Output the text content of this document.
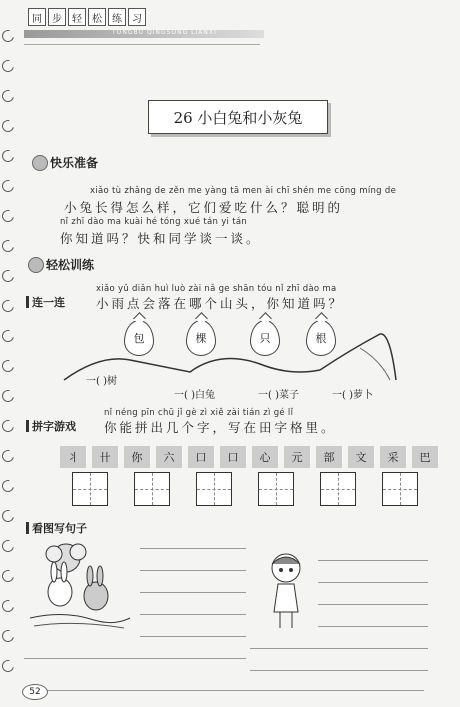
同	步	轻	松	练	习
TONGBU QINGSONG LIANXI
26 小白兔和小灰兔
快乐准备
xiǎo tù zhǎng de zěn me yàng tā men ài chī shén me cōng míng de
小兔长得怎么样，它们爱吃什么？聪明的
nǐ zhī dào ma kuài hé tóng xué tán yi tán
你知道吗？快和同学谈一谈。
轻松训练
xiǎo yǔ diǎn huì luò zài nǎ ge shān tóu nǐ zhī dào ma
连一连 小雨点会落在哪个山头，你知道吗？
包	棵	只	根
一( )树
一( )白兔	一( )菜子	一( )萝卜
nǐ néng pīn chū jǐ gè zì xiě zài tián zì gé lǐ
拼字游戏 你能拼出几个字，写在田字格里。
丬	卄	你	六	口	口	心	元	部	文	采	巴
看图写句子
52
